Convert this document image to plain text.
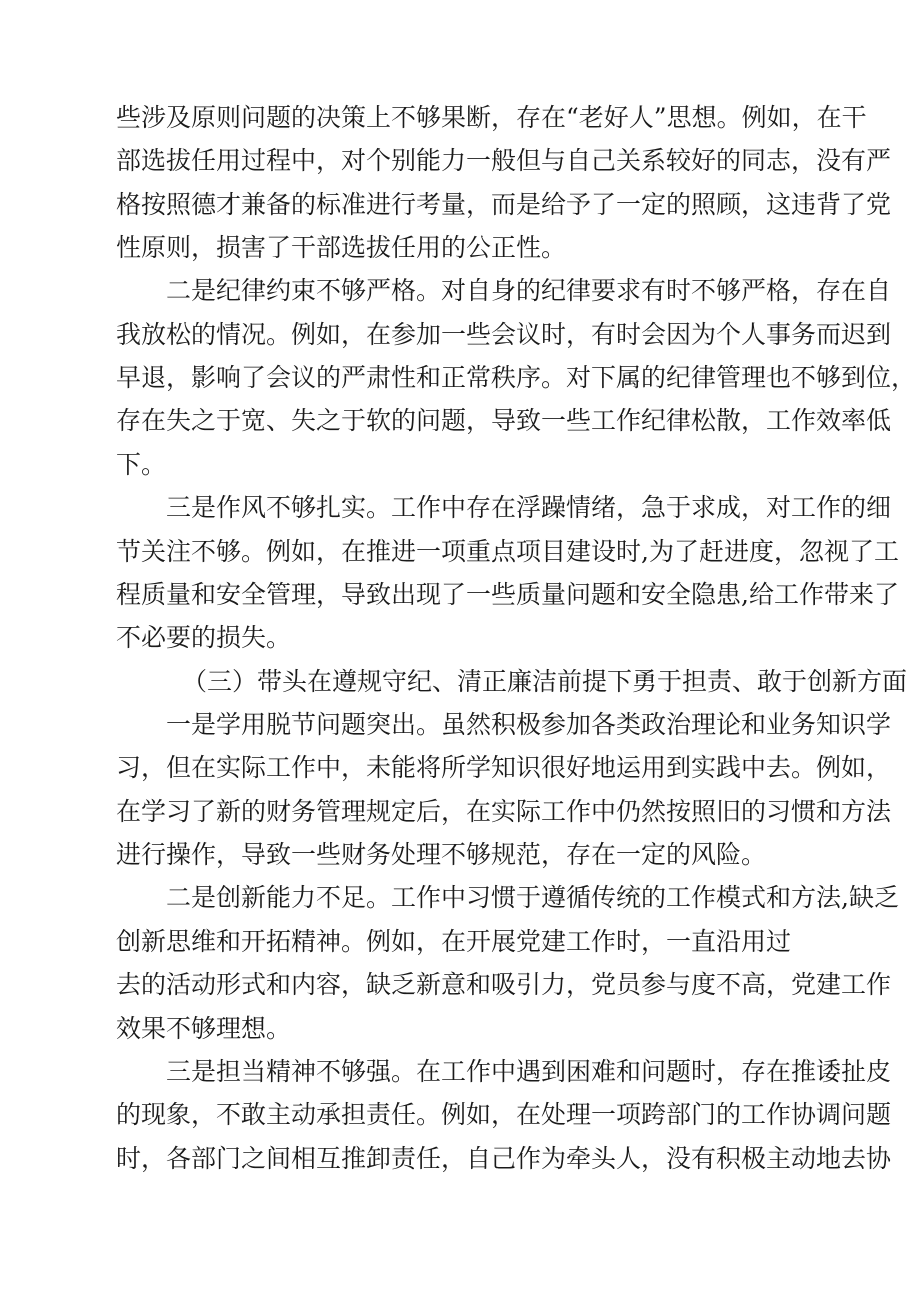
些涉及原则问题的决策上不够果断，存在“老好人”思想。例如，在干
部选拔任用过程中，对个别能力一般但与自己关系较好的同志，没有严
格按照德才兼备的标准进行考量，而是给予了一定的照顾，这违背了党
性原则，损害了干部选拔任用的公正性。
二是纪律约束不够严格。对自身的纪律要求有时不够严格，存在自
我放松的情况。例如，在参加一些会议时，有时会因为个人事务而迟到
早退，影响了会议的严肃性和正常秩序。对下属的纪律管理也不够到位，
存在失之于宽、失之于软的问题，导致一些工作纪律松散，工作效率低
下。
三是作风不够扎实。工作中存在浮躁情绪，急于求成，对工作的细
节关注不够。例如，在推进一项重点项目建设时,为了赶进度，忽视了工
程质量和安全管理，导致出现了一些质量问题和安全隐患,给工作带来了
不必要的损失。
（三）带头在遵规守纪、清正廉洁前提下勇于担责、敢于创新方面
一是学用脱节问题突出。虽然积极参加各类政治理论和业务知识学
习，但在实际工作中，未能将所学知识很好地运用到实践中去。例如，
在学习了新的财务管理规定后，在实际工作中仍然按照旧的习惯和方法
进行操作，导致一些财务处理不够规范，存在一定的风险。
二是创新能力不足。工作中习惯于遵循传统的工作模式和方法,缺乏
创新思维和开拓精神。例如，在开展党建工作时，一直沿用过
去的活动形式和内容，缺乏新意和吸引力，党员参与度不高，党建工作
效果不够理想。
三是担当精神不够强。在工作中遇到困难和问题时，存在推诿扯皮
的现象，不敢主动承担责任。例如，在处理一项跨部门的工作协调问题
时，各部门之间相互推卸责任，自己作为牵头人，没有积极主动地去协
